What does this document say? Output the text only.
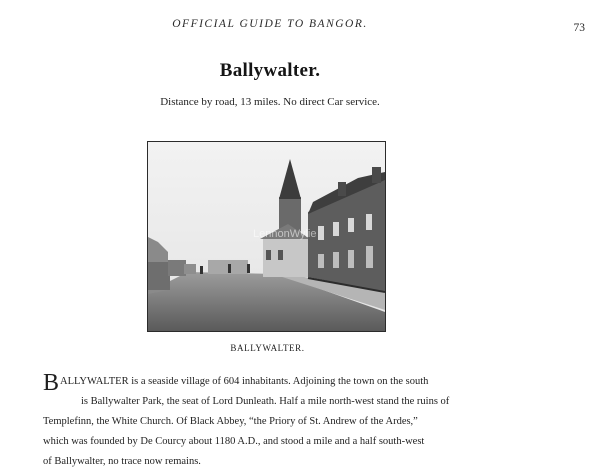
OFFICIAL GUIDE TO BANGOR.	73
Ballywalter.
Distance by road, 13 miles. No direct Car service.
LennonWylie
BALLYWALTER.
B ALLYWALTER is a seaside village of 604 inhabitants. Adjoining the town on the south
is Ballywalter Park, the seat of Lord Dunleath. Half a mile north-west stand the ruins of
Templefinn, the White Church. Of Black Abbey, “the Priory of St. Andrew of the Ardes,”
which was founded by De Courcy about 1180 A.D., and stood a mile and a half south-west
of Ballywalter, no trace now remains.
